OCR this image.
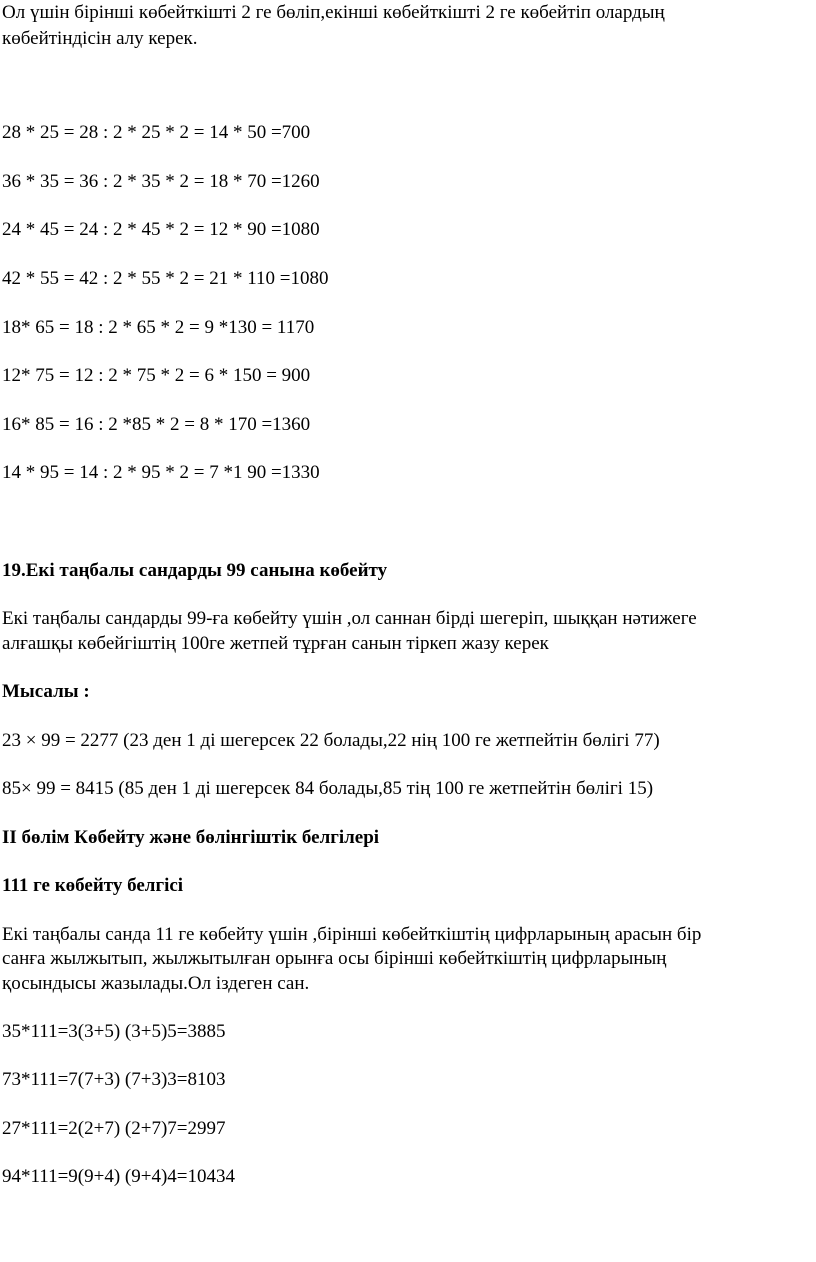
Ол үшін бірінші көбейткішті 2 ге бөліп,екінші көбейткішті 2 ге көбейтіп олардың

көбейтіндісін алу керек.

28 * 25 = 28 : 2 * 25 * 2 = 14 * 50 =700

36 * 35 = 36 : 2 * 35 * 2 = 18 * 70 =1260

24 * 45 = 24 : 2 * 45 * 2 = 12 * 90 =1080

42 * 55 = 42 : 2 * 55 * 2 = 21 * 110 =1080

18* 65 = 18 : 2 * 65 * 2 = 9 *130 = 1170

12* 75 = 12 : 2 * 75 * 2 = 6 * 150 = 900

16* 85 = 16 : 2 *85 * 2 = 8 * 170 =1360

14 * 95 = 14 : 2 * 95 * 2 = 7 *1 90 =1330

19.Екі таңбалы сандарды 99 санына көбейту

Екі таңбалы сандарды 99-ға көбейту үшін ,ол саннан бірді шегеріп, шыққан нәтижеге

алғашқы көбейгіштің 100ге жетпей тұрған санын тіркеп жазу керек

Мысалы :

23 × 99 = 2277 (23 ден 1 ді шегерсек 22 болады,22 нің 100 ге жетпейтін бөлігі 77)

85× 99 = 8415 (85 ден 1 ді шегерсек 84 болады,85 тің 100 ге жетпейтін бөлігі 15)

ІІ бөлім Көбейту және бөлінгіштік белгілері

111 ге көбейту белгісі

Екі таңбалы санда 11 ге көбейту үшін ,бірінші көбейткіштің цифрларының арасын бір

санға жылжытып, жылжытылған орынға осы бірінші көбейткіштің цифрларының

қосындысы жазылады.Ол іздеген сан.

35*111=3(3+5) (3+5)5=3885

73*111=7(7+3) (7+3)3=8103

27*111=2(2+7) (2+7)7=2997

94*111=9(9+4) (9+4)4=10434
